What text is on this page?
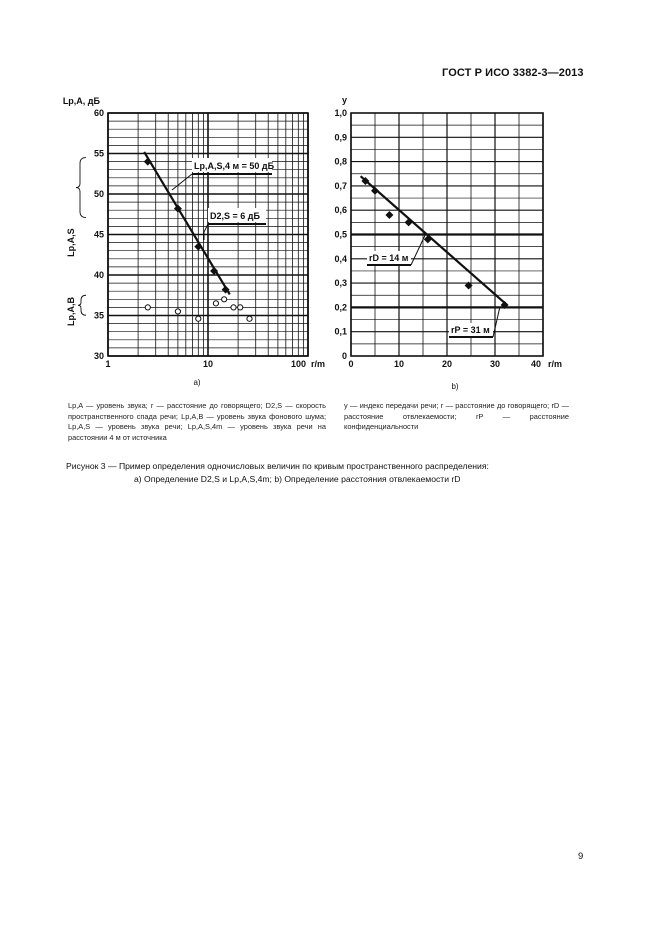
ГОСТ Р ИСО 3382-3—2013
30
35
40
45
50
55
60
1	10	100 r/m
Lp,A, дБ
Lp,A,S
Lp,A,B
Lp,A,S,4 м = 50 дБ
D2,S = 6 дБ
a)
0
0,1
0,2
0,3
0,4
0,5
0,6
0,7
0,8
0,9
1,0
0	10	20	30	40 r/m
y
rD = 14 м
rP = 31 м
b)
Lp,A — уровень звука; r — расстояние до говорящего; D2,S — скорость пространственного спада речи; Lp,A,B — уровень звука фонового шума; Lp,A,S — уровень звука речи; Lp,A,S,4m — уровень звука речи на расстоянии 4 м от источника
y — индекс передачи речи; r — расстояние до говорящего; rD — расстояние отвлекаемости; rP — расстояние конфиденциальности
Рисунок 3 — Пример определения одночисловых величин по кривым пространственного распределения:
a) Определение D2,S и Lp,A,S,4m; b) Определение расстояния отвлекаемости rD
9
